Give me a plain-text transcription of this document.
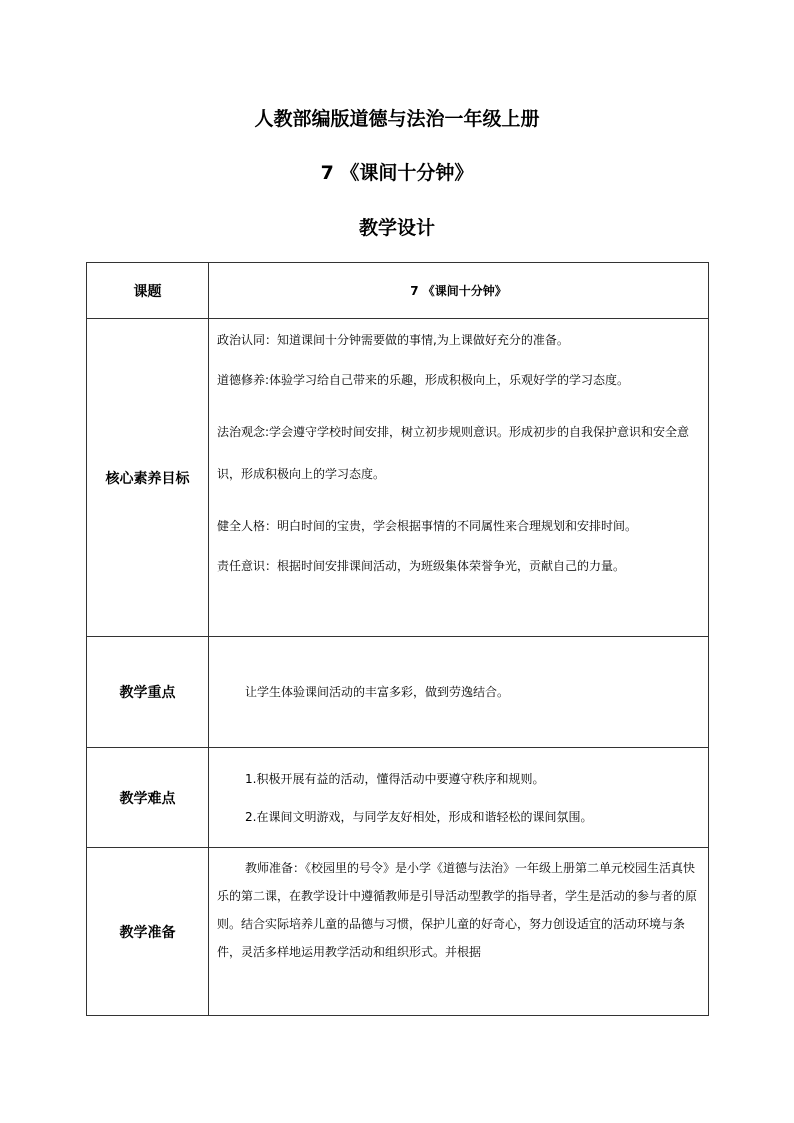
人教部编版道德与法治一年级上册
7 《课间十分钟》
教学设计
课题	7 《课间十分钟》
核心素养目标	政治认同：知道课间十分钟需要做的事情,为上课做好充分的准备。

道德修养:体验学习给自己带来的乐趣，形成积极向上，乐观好学的学习态度。

法治观念:学会遵守学校时间安排，树立初步规则意识。形成初步的自我保护意识和安全意识，形成积极向上的学习态度。

健全人格：明白时间的宝贵，学会根据事情的不同属性来合理规划和安排时间。

责任意识：根据时间安排课间活动，为班级集体荣誉争光，贡献自己的力量。

教学重点	让学生体验课间活动的丰富多彩，做到劳逸结合。
教学难点	1.积极开展有益的活动，懂得活动中要遵守秩序和规则。

2.在课间文明游戏，与同学友好相处，形成和谐轻松的课间氛围。

教学准备	教师准备：《校园里的号令》是小学《道德与法治》一年级上册第二单元校园生活真快乐的第二课，在教学设计中遵循教师是引导活动型教学的指导者，学生是活动的参与者的原则。结合实际培养儿童的品德与习惯，保护儿童的好奇心，努力创设适宜的活动环境与条件，灵活多样地运用教学活动和组织形式。并根据
